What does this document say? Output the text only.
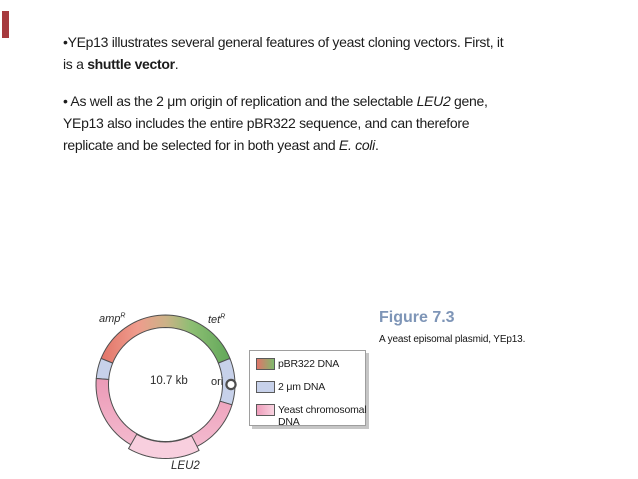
•YEp13 illustrates several general features of yeast cloning vectors. First, it
is a shuttle vector.
• As well as the 2 μm origin of replication and the selectable LEU2 gene,
YEp13 also includes the entire pBR322 sequence, and can therefore
replicate and be selected for in both yeast and E. coli.
amp$^R$	tet$^R$
10.7 kb ori
LEU2
pBR322 DNA
2 μm DNA
Yeast chromosomal
DNA
Figure 7.3
A yeast episomal plasmid, YEp13.
